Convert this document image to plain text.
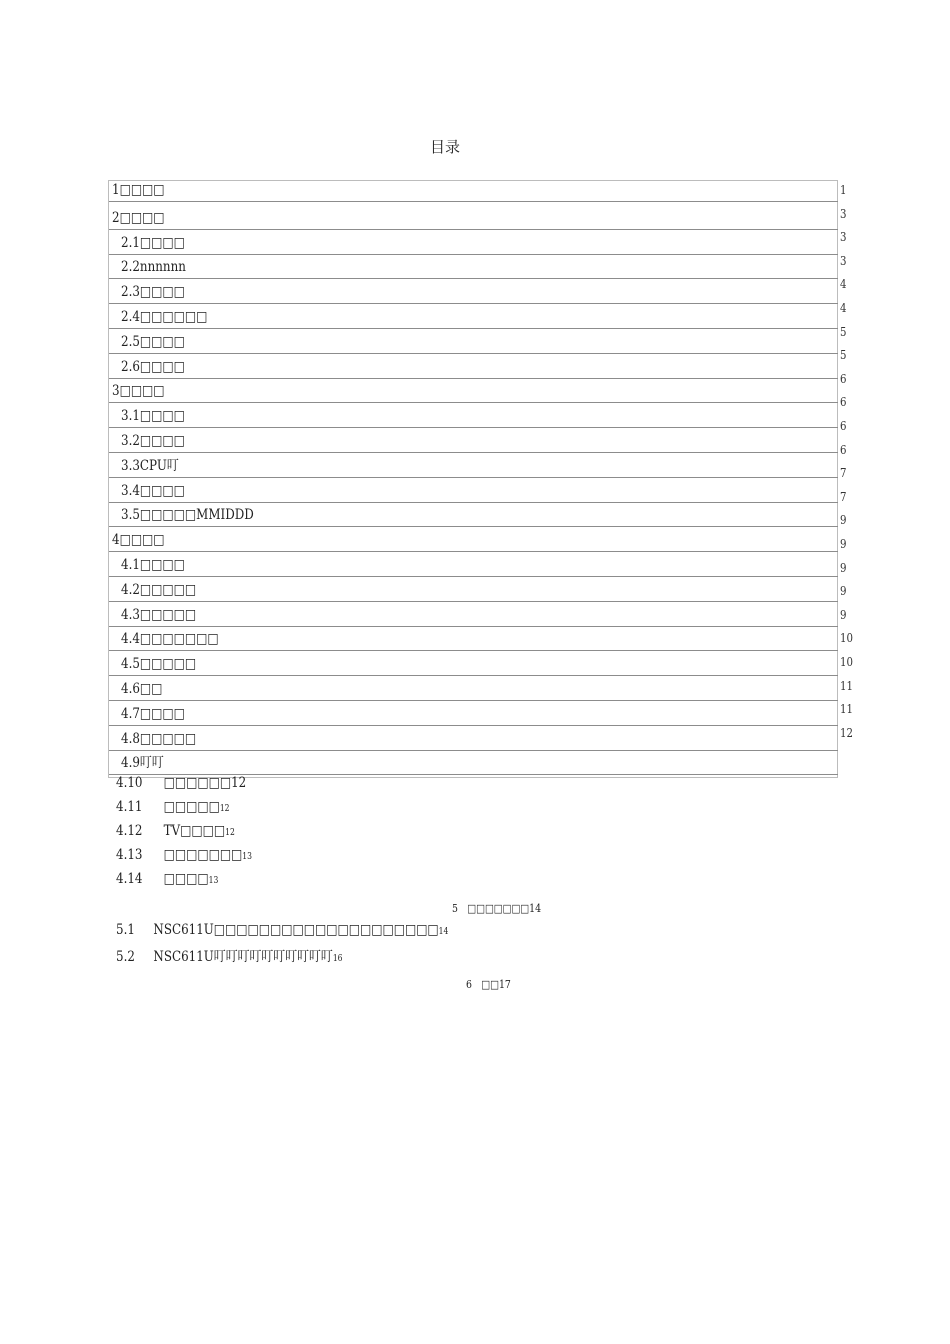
目录
1□□□□
2□□□□
2.1□□□□
2.2nnnnnn
2.3□□□□
2.4□□□□□□
2.5□□□□
2.6□□□□
3□□□□
3.1□□□□
3.2□□□□
3.3CPU叮
3.4□□□□
3.5□□□□□MMIDDD
4□□□□
4.1□□□□
4.2□□□□□
4.3□□□□□
4.4□□□□□□□
4.5□□□□□
4.6□□
4.7□□□□
4.8□□□□□
4.9叮叮
1
3
3
3
4
4
5
5
6
6
6
6
7
7
9
9
9
9
9
10
10
11
11
12
4.10 □□□□□□12
4.11 □□□□□12
4.12 TV□□□□12
4.13 □□□□□□□13
4.14 □□□□13
5　□□□□□□□14
5.1 NSC611U□□□□□□□□□□□□□□□□□□□□14
5.2 NSC611U叮叮叮叮叮叮叮叮叮叮16
6　□□17
